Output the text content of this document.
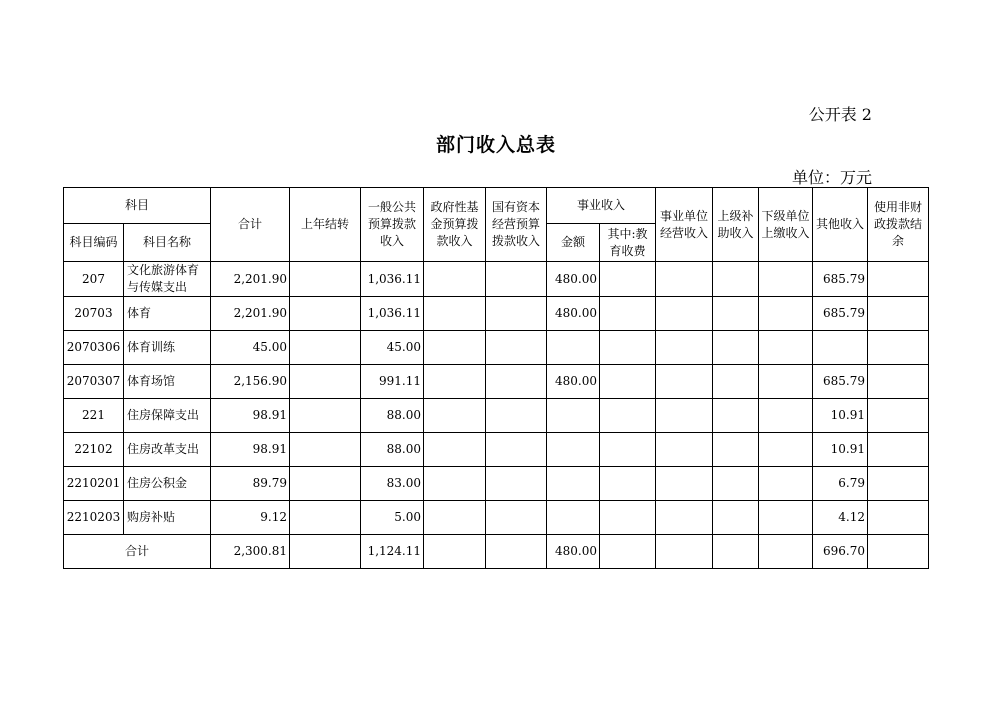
公开表 2
部门收入总表
单位：万元
科目		合计	上年结转	一般公共预算拨款收入	政府性基金预算拨款收入	国有资本经营预算拨款收入	事业收入		事业单位经营收入	上级补助收入	下级单位上缴收入	其他收入	使用非财政拨款结余
科目编码	科目名称						金额	其中:教育收费					
207	文化旅游体育与传媒支出	2,201.90		1,036.11			480.00					685.79	
20703	体育	2,201.90		1,036.11			480.00					685.79	
2070306	体育训练	45.00		45.00									
2070307	体育场馆	2,156.90		991.11			480.00					685.79	
221	住房保障支出	98.91		88.00								10.91	
22102	住房改革支出	98.91		88.00								10.91	
2210201	住房公积金	89.79		83.00								6.79	
2210203	购房补贴	9.12		5.00								4.12	
合计		2,300.81		1,124.11			480.00					696.70	
